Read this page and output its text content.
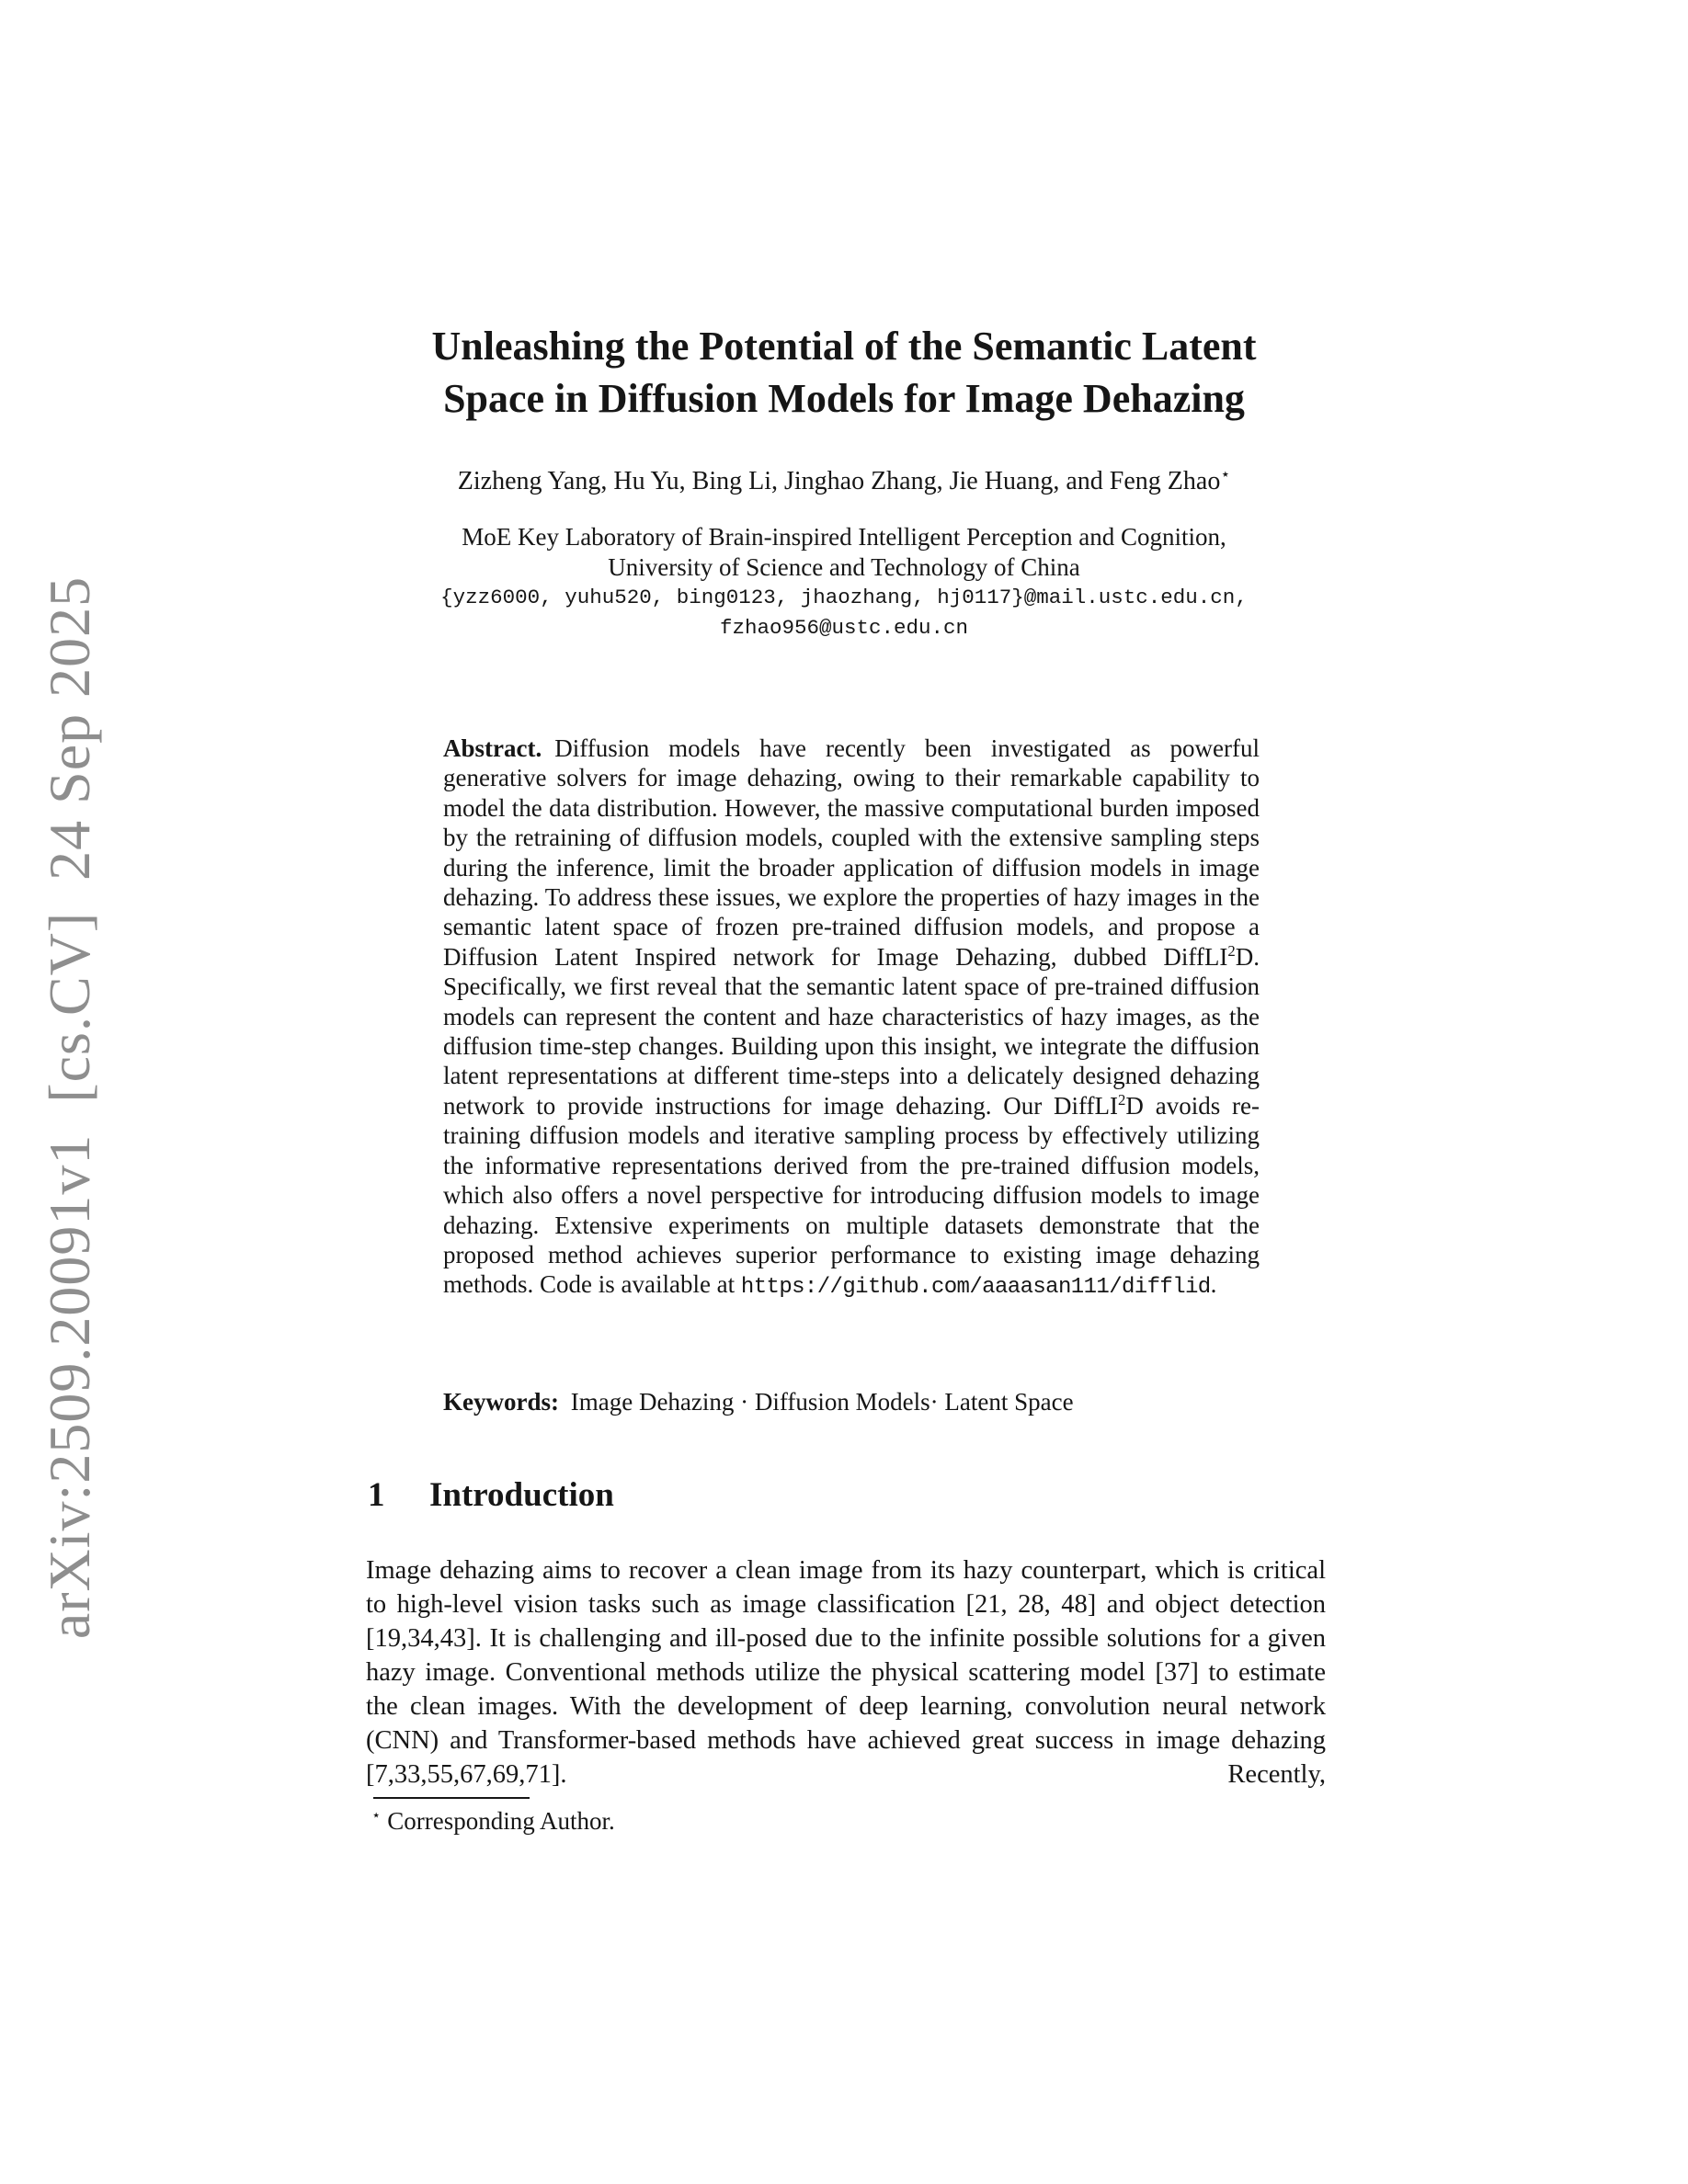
arXiv:2509.20091v1  [cs.CV]  24 Sep 2025
Unleashing the Potential of the Semantic Latent
Space in Diffusion Models for Image Dehazing
Zizheng Yang, Hu Yu, Bing Li, Jinghao Zhang, Jie Huang, and Feng Zhao⋆
MoE Key Laboratory of Brain-inspired Intelligent Perception and Cognition,
University of Science and Technology of China
{yzz6000, yuhu520, bing0123, jhaozhang, hj0117}@mail.ustc.edu.cn,
fzhao956@ustc.edu.cn
Abstract. Diffusion models have recently been investigated as powerful generative solvers for image dehazing, owing to their remarkable capability to model the data distribution. However, the massive computational burden imposed by the retraining of diffusion models, coupled with the extensive sampling steps during the inference, limit the broader application of diffusion models in image dehazing. To address these issues, we explore the properties of hazy images in the semantic latent space of frozen pre-trained diffusion models, and propose a Diffusion Latent Inspired network for Image Dehazing, dubbed DiffLI$^2$D. Specifically, we first reveal that the semantic latent space of pre-trained diffusion models can represent the content and haze characteristics of hazy images, as the diffusion time-step changes. Building upon this insight, we integrate the diffusion latent representations at different time-steps into a delicately designed dehazing network to provide instructions for image dehazing. Our DiffLI$^2$D avoids re-training diffusion models and iterative sampling process by effectively utilizing the informative representations derived from the pre-trained diffusion models, which also offers a novel perspective for introducing diffusion models to image dehazing. Extensive experiments on multiple datasets demonstrate that the proposed method achieves superior performance to existing image dehazing methods. Code is available at https://github.com/aaaasan111/difflid.
Keywords: Image Dehazing · Diffusion Models· Latent Space
1 Introduction

Image dehazing aims to recover a clean image from its hazy counterpart, which is critical to high-level vision tasks such as image classification [21, 28, 48] and object detection [19,34,43]. It is challenging and ill-posed due to the infinite possible solutions for a given hazy image. Conventional methods utilize the physical scattering model [37] to estimate the clean images. With the development of deep learning, convolution neural network (CNN) and Transformer-based methods have achieved great success in image dehazing [7,33,55,67,69,71]. Recently,

⋆ Corresponding Author.
